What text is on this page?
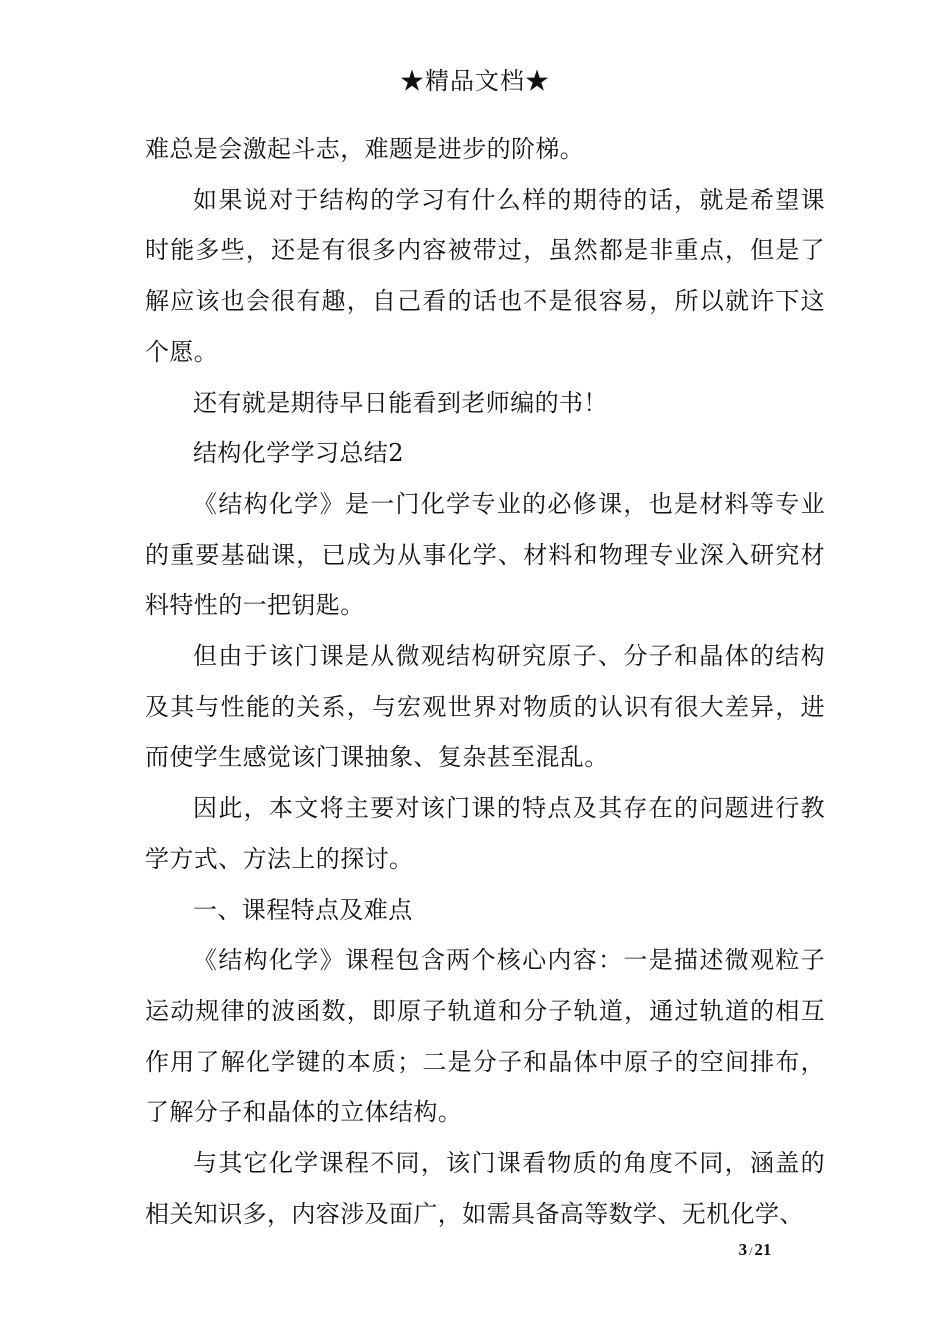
★精品文档★

难总是会激起斗志，难题是进步的阶梯。

如果说对于结构的学习有什么样的期待的话，就是希望课时能多些，还是有很多内容被带过，虽然都是非重点，但是了解应该也会很有趣，自己看的话也不是很容易，所以就许下这个愿。

还有就是期待早日能看到老师编的书！

结构化学学习总结2

《结构化学》是一门化学专业的必修课，也是材料等专业的重要基础课，已成为从事化学、材料和物理专业深入研究材料特性的一把钥匙。

但由于该门课是从微观结构研究原子、分子和晶体的结构及其与性能的关系，与宏观世界对物质的认识有很大差异，进而使学生感觉该门课抽象、复杂甚至混乱。

因此，本文将主要对该门课的特点及其存在的问题进行教学方式、方法上的探讨。

一、课程特点及难点

《结构化学》课程包含两个核心内容：一是描述微观粒子运动规律的波函数，即原子轨道和分子轨道，通过轨道的相互作用了解化学键的本质；二是分子和晶体中原子的空间排布，了解分子和晶体的立体结构。

与其它化学课程不同，该门课看物质的角度不同，涵盖的相关知识多，内容涉及面广，如需具备高等数学、无机化学、

3 / 21
